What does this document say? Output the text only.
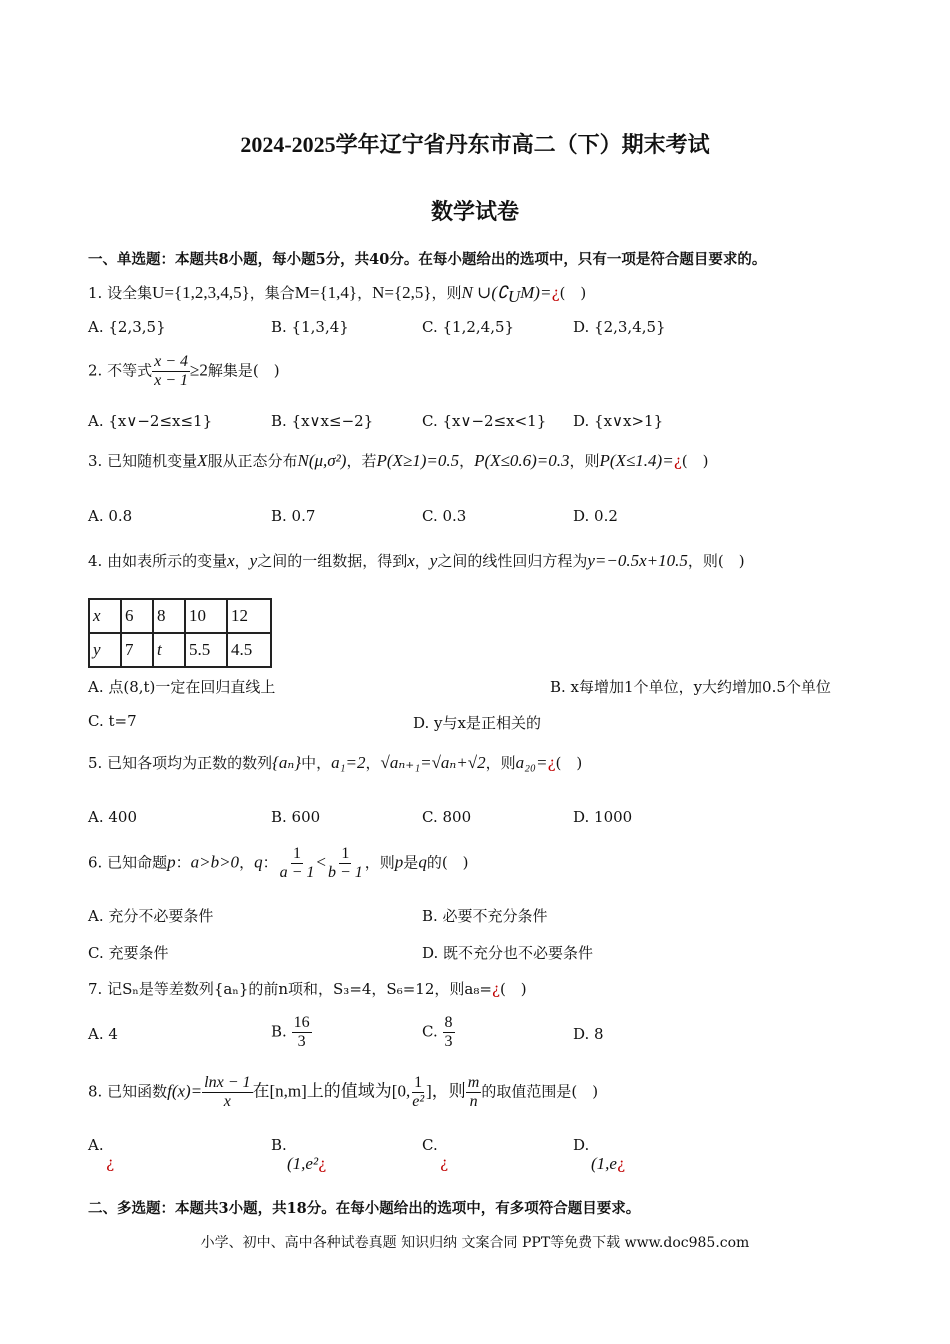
2024-2025学年辽宁省丹东市高二（下）期末考试
数学试卷
一、单选题：本题共8小题，每小题5分，共40分。在每小题给出的选项中，只有一项是符合题目要求的。
1. 设全集U={1,2,3,4,5}，集合M={1,4}，N={2,5}，则N $\cup(∁_UM)=¿$(　)
A. {2,3,5}	B. {1,3,4}	C. {1,2,4,5}	D. {2,3,4,5}
2. 不等式 $\frac{x - 4}{x - 1} \ge 2$解集是(　)
A. {x∨−2≤x≤1}	B. {x∨x≤−2}	C. {x∨−2≤x<1} D. {x∨x>1}
3. 已知随机变量X服从正态分布N(μ,σ²)，若P(X≥1)=0.5，P(X≤0.6)=0.3，则P(X≤1.4)=¿(　)
A. 0.8	B. 0.7	C. 0.3	D. 0.2
4. 由如表所示的变量x，y之间的一组数据，得到x，y之间的线性回归方程为y=−0.5x+10.5，则(　)
x	6	8	10	12
y	7	t	5.5	4.5
A. 点(8,t)一定在回归直线上	B. x每增加1个单位，y大约增加0.5个单位
C. t=7	D. y与x是正相关的
5. 已知各项均为正数的数列{aₙ}中，a₁=2，√aₙ₊₁=√aₙ+√2，则a₂₀=¿(　)
A. 400	B. 600	C. 800	D. 1000
6. 已知命题p：a>b>0，q： $\frac{1}{a - 1} < \frac{1}{b - 1}$ ，则p是q的(　)
A. 充分不必要条件	B. 必要不充分条件
C. 充要条件	D. 既不充分也不必要条件
7. 记Sₙ是等差数列{aₙ}的前n项和，S₃=4，S₆=12，则a₈=¿(　)
A. 4	B. $\frac{16}{3}$	C. $\frac{8}{3}$	D. 8
8. 已知函数$f(x)= \frac{\ln x - 1}{x}$ 在[n,m]上的值域为[0, $\frac{1}{\text{e²}}$ ]，则 $\frac{m}{n}$ 的取值范围是(　)
A.
¿
B.
(1,e²¿
C.
¿
D.
(1,e¿
二、多选题：本题共3小题，共18分。在每小题给出的选项中，有多项符合题目要求。
小学、初中、高中各种试卷真题 知识归纳 文案合同 PPT等免费下载 www.doc985.com
